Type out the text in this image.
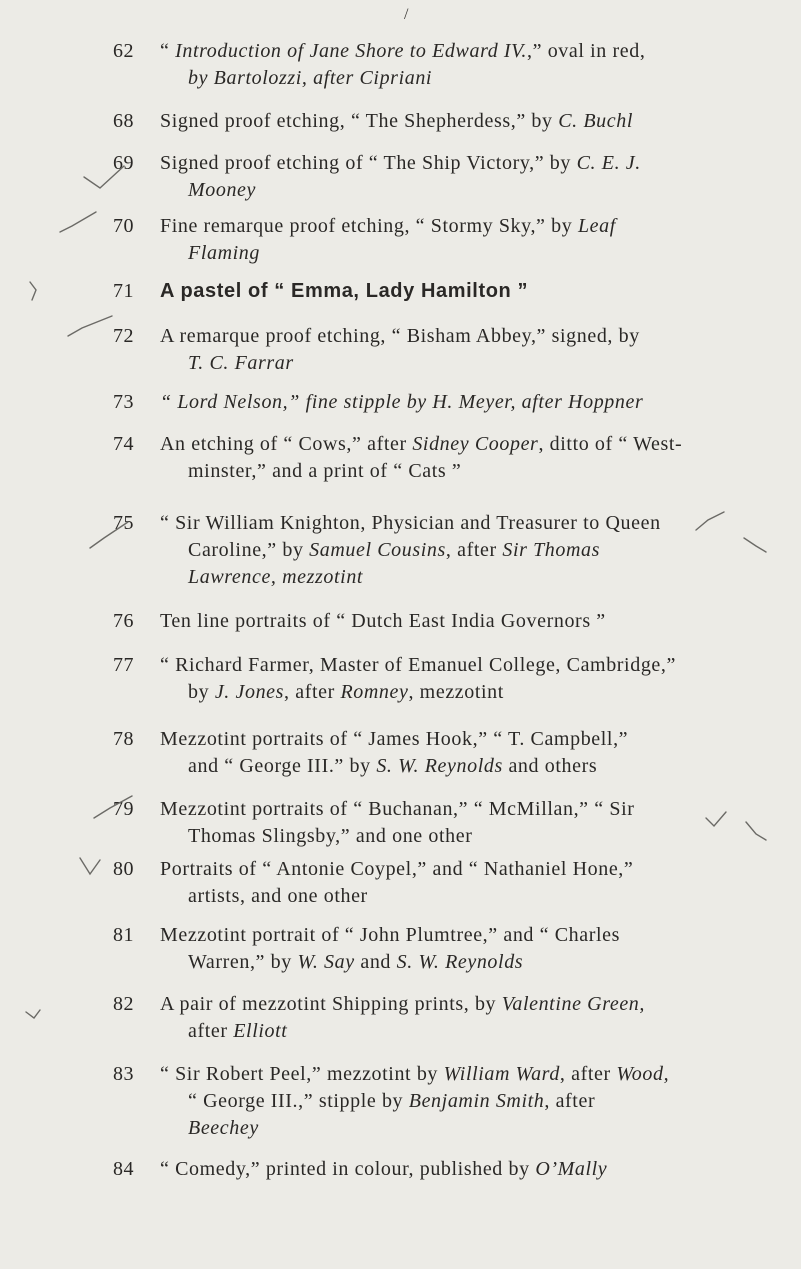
/
62	“ Introduction of Jane Shore to Edward IV.,” oval in red,
by Bartolozzi, after Cipriani
68	Signed proof etching, “ The Shepherdess,” by C. Buchl
69	Signed proof etching of “ The Ship Victory,” by C. E. J.
Mooney
70	Fine remarque proof etching, “ Stormy Sky,” by Leaf
Flaming
71	A pastel of “ Emma, Lady Hamilton ”
72	A remarque proof etching, “ Bisham Abbey,” signed, by
T. C. Farrar
73	“ Lord Nelson,” fine stipple by H. Meyer, after Hoppner
74	An etching of “ Cows,” after Sidney Cooper, ditto of “ West-
minster,” and a print of “ Cats ”
75	“ Sir William Knighton, Physician and Treasurer to Queen
Caroline,” by Samuel Cousins, after Sir Thomas
Lawrence, mezzotint
76	Ten line portraits of “ Dutch East India Governors ”
77	“ Richard Farmer, Master of Emanuel College, Cambridge,”
by J. Jones, after Romney, mezzotint
78	Mezzotint portraits of “ James Hook,” “ T. Campbell,”
and “ George III.” by S. W. Reynolds and others
79	Mezzotint portraits of “ Buchanan,” “ McMillan,” “ Sir
Thomas Slingsby,” and one other
80	Portraits of “ Antonie Coypel,” and “ Nathaniel Hone,”
artists, and one other
81	Mezzotint portrait of “ John Plumtree,” and “ Charles
Warren,” by W. Say and S. W. Reynolds
82	A pair of mezzotint Shipping prints, by Valentine Green,
after Elliott
83	“ Sir Robert Peel,” mezzotint by William Ward, after Wood,
“ George III.,” stipple by Benjamin Smith, after
Beechey
84	“ Comedy,” printed in colour, published by O’Mally
